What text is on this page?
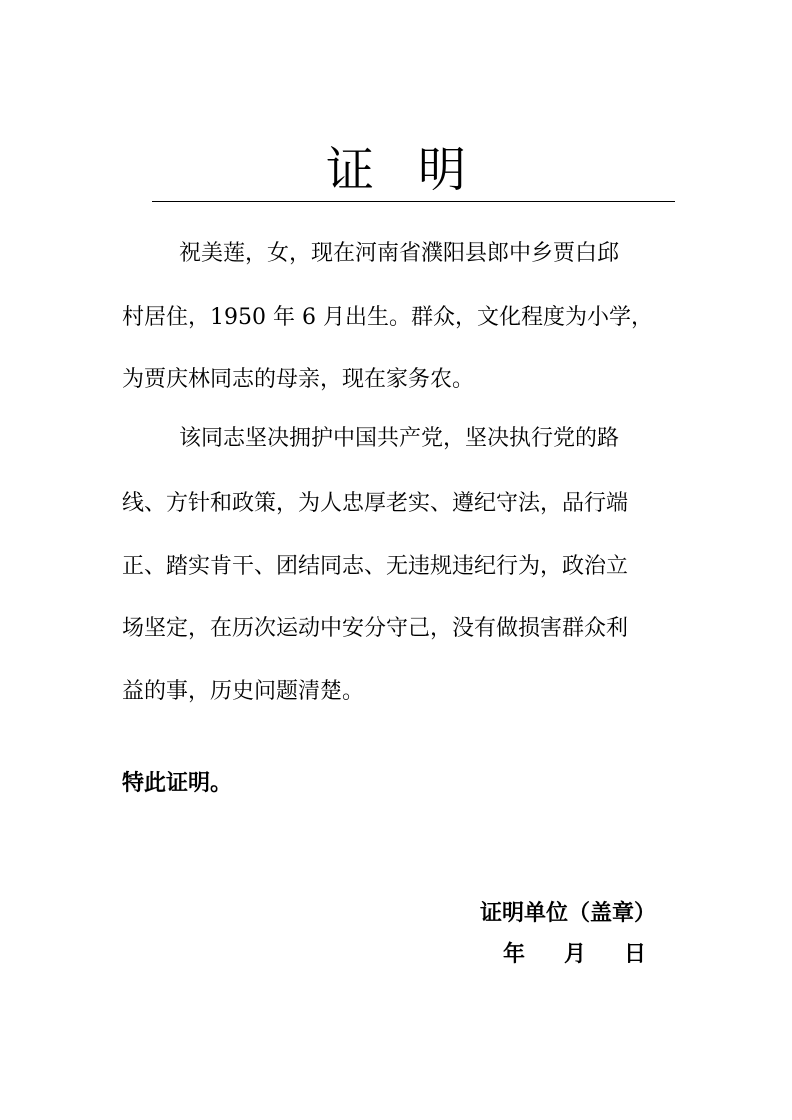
证明
祝美莲，女，现在河南省濮阳县郎中乡贾白邱
村居住，1950 年 6 月出生。群众，文化程度为小学，
为贾庆林同志的母亲，现在家务农。
该同志坚决拥护中国共产党，坚决执行党的路
线、方针和政策，为人忠厚老实、遵纪守法，品行端
正、踏实肯干、团结同志、无违规违纪行为，政治立
场坚定，在历次运动中安分守己，没有做损害群众利
益的事，历史问题清楚。
特此证明。
证明单位（盖章）
年 月 日
